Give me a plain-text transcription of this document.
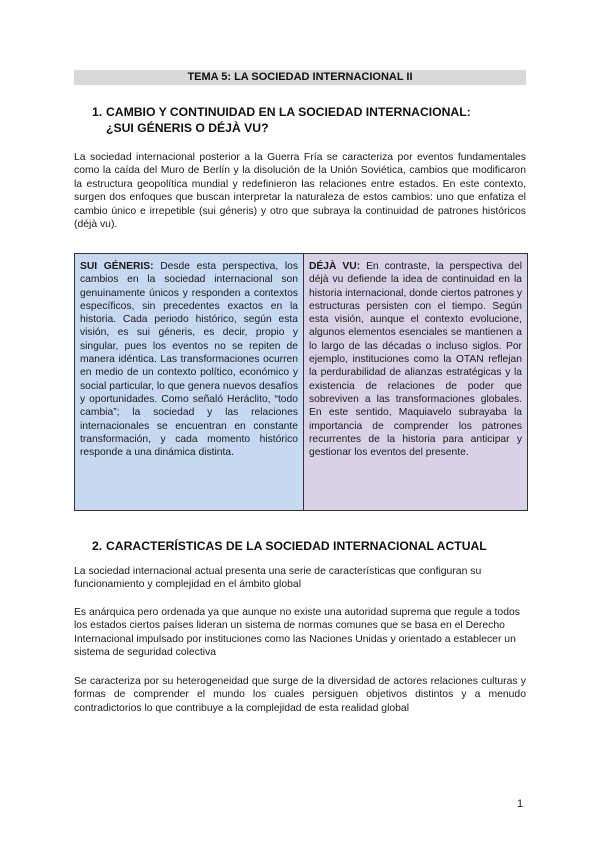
TEMA 5: LA SOCIEDAD INTERNACIONAL II
1. CAMBIO Y CONTINUIDAD EN LA SOCIEDAD INTERNACIONAL:
¿SUI GÉNERIS O DÉJÀ VU?

La sociedad internacional posterior a la Guerra Fría se caracteriza por eventos fundamentales como la caída del Muro de Berlín y la disolución de la Unión Soviética, cambios que modificaron la estructura geopolítica mundial y redefinieron las relaciones entre estados. En este contexto, surgen dos enfoques que buscan interpretar la naturaleza de estos cambios: uno que enfatiza el cambio único e irrepetible (sui géneris) y otro que subraya la continuidad de patrones históricos (déjà vu).

SUI GÉNERIS: Desde esta perspectiva, los cambios en la sociedad internacional son genuinamente únicos y responden a contextos específicos, sin precedentes exactos en la historia. Cada periodo histórico, según esta visión, es sui géneris, es decir, propio y singular, pues los eventos no se repiten de manera idéntica. Las transformaciones ocurren en medio de un contexto político, económico y social particular, lo que genera nuevos desafíos y oportunidades. Como señaló Heráclito, “todo cambia”; la sociedad y las relaciones internacionales se encuentran en constante transformación, y cada momento histórico responde a una dinámica distinta.
DÉJÀ VU: En contraste, la perspectiva del déjà vu defiende la idea de continuidad en la historia internacional, donde ciertos patrones y estructuras persisten con el tiempo. Según esta visión, aunque el contexto evolucione, algunos elementos esenciales se mantienen a lo largo de las décadas o incluso siglos. Por ejemplo, instituciones como la OTAN reflejan la perdurabilidad de alianzas estratégicas y la existencia de relaciones de poder que sobreviven a las transformaciones globales. En este sentido, Maquiavelo subrayaba la importancia de comprender los patrones recurrentes de la historia para anticipar y gestionar los eventos del presente.
2. CARACTERÍSTICAS DE LA SOCIEDAD INTERNACIONAL ACTUAL

La sociedad internacional actual presenta una serie de características que configuran su funcionamiento y complejidad en el ámbito global

Es anárquica pero ordenada ya que aunque no existe una autoridad suprema que regule a todos los estados ciertos países lideran un sistema de normas comunes que se basa en el Derecho Internacional impulsado por instituciones como las Naciones Unidas y orientado a establecer un sistema de seguridad colectiva

Se caracteriza por su heterogeneidad que surge de la diversidad de actores relaciones culturas y formas de comprender el mundo los cuales persiguen objetivos distintos y a menudo contradictorios lo que contribuye a la complejidad de esta realidad global

1
